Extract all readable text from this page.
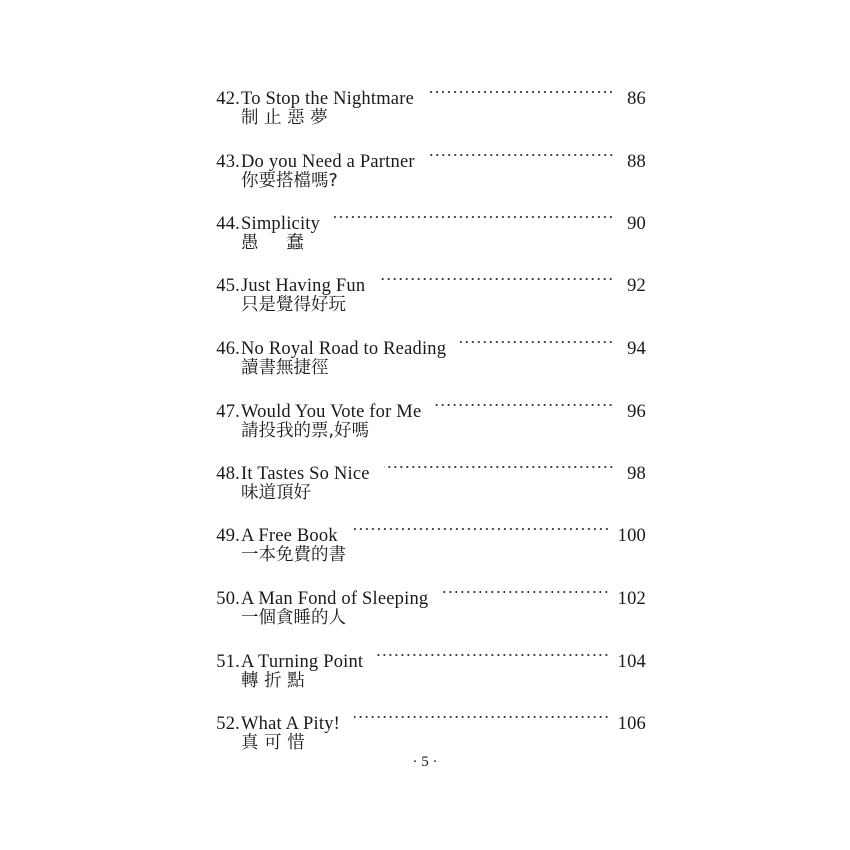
42. To Stop the Nightmare	86
制 止 惡 夢
43. Do you Need a Partner	88
你要搭檔嗎?
44. Simplicity	90
愚     蠢
45. Just Having Fun	92
只是覺得好玩
46. No Royal Road to Reading	94
讀書無捷徑
47. Would You Vote for Me	96
請投我的票,好嗎
48. It Tastes So Nice	98
味道頂好
49. A Free Book	100
一本免費的書
50. A Man Fond of Sleeping	102
一個貪睡的人
51. A Turning Point	104
轉 折 點
52. What A Pity!	106
真 可 惜
· 5 ·
